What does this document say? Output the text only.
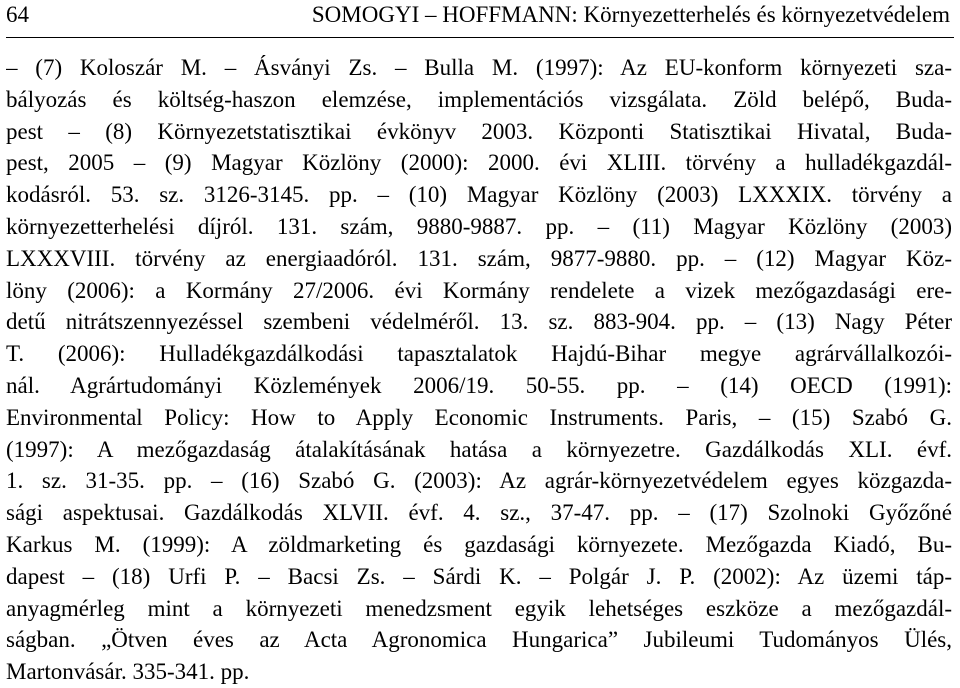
64	SOMOGYI – HOFFMANN: Környezetterhelés és környezetvédelem
– (7) Koloszár M. – Ásványi Zs. – Bulla M. (1997): Az EU-konform környezeti sza-
bályozás és költség-haszon elemzése, implementációs vizsgálata. Zöld belépő, Buda-
pest – (8) Környezetstatisztikai évkönyv 2003. Központi Statisztikai Hivatal, Buda-
pest, 2005 – (9) Magyar Közlöny (2000): 2000. évi XLIII. törvény a hulladékgazdál-
kodásról. 53. sz. 3126-3145. pp. – (10) Magyar Közlöny (2003) LXXXIX. törvény a
környezetterhelési díjról. 131. szám, 9880-9887. pp. – (11) Magyar Közlöny (2003)
LXXXVIII. törvény az energiaadóról. 131. szám, 9877-9880. pp. – (12) Magyar Köz-
löny (2006): a Kormány 27/2006. évi Kormány rendelete a vizek mezőgazdasági ere-
detű nitrátszennyezéssel szembeni védelméről. 13. sz. 883-904. pp. – (13) Nagy Péter
T. (2006): Hulladékgazdálkodási tapasztalatok Hajdú-Bihar megye agrárvállalkozói-
nál. Agrártudományi Közlemények 2006/19. 50-55. pp. – (14) OECD (1991):
Environmental Policy: How to Apply Economic Instruments. Paris, – (15) Szabó G.
(1997): A mezőgazdaság átalakításának hatása a környezetre. Gazdálkodás XLI. évf.
1. sz. 31-35. pp. – (16) Szabó G. (2003): Az agrár-környezetvédelem egyes közgazda-
sági aspektusai. Gazdálkodás XLVII. évf. 4. sz., 37-47. pp. – (17) Szolnoki Győzőné
Karkus M. (1999): A zöldmarketing és gazdasági környezete. Mezőgazda Kiadó, Bu-
dapest – (18) Urfi P. – Bacsi Zs. – Sárdi K. – Polgár J. P. (2002): Az üzemi táp-
anyagmérleg mint a környezeti menedzsment egyik lehetséges eszköze a mezőgazdál-
ságban. „Ötven éves az Acta Agronomica Hungarica” Jubileumi Tudományos Ülés,
Martonvásár. 335-341. pp.
